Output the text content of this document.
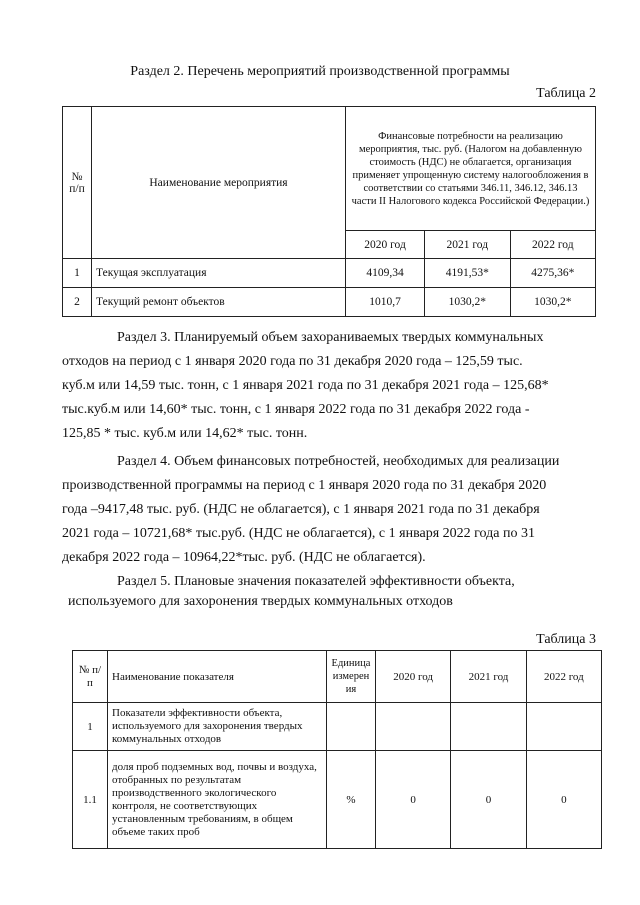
Раздел 2. Перечень мероприятий производственной программы
Таблица 2
№ п/п	Наименование мероприятия	Финансовые потребности на реализацию мероприятия, тыс. руб. (Налогом на добавленную стоимость (НДС) не облагается, организация применяет упрощенную систему налогообложения в соответствии со статьями 346.11, 346.12, 346.13 части II Налогового кодекса Российской Федерации.)		
		2020 год	2021 год	2022 год
1	Текущая эксплуатация	4109,34	4191,53*	4275,36*
2	Текущий ремонт объектов	1010,7	1030,2*	1030,2*
Раздел 3. Планируемый объем захораниваемых твердых коммунальных
отходов на период с 1 января 2020 года по 31 декабря 2020 года – 125,59 тыс.
куб.м или 14,59 тыс. тонн, с 1 января 2021 года по 31 декабря 2021 года – 125,68*
тыс.куб.м или 14,60* тыс. тонн, с 1 января 2022 года по 31 декабря 2022 года -
125,85 * тыс. куб.м или 14,62* тыс. тонн.
Раздел 4. Объем финансовых потребностей, необходимых для реализации
производственной программы на период с 1 января 2020 года по 31 декабря 2020
года –9417,48 тыс. руб. (НДС не облагается), с 1 января 2021 года по 31 декабря
2021 года – 10721,68* тыс.руб. (НДС не облагается), с 1 января 2022 года по 31
декабря 2022 года – 10964,22*тыс. руб. (НДС не облагается).
Раздел 5. Плановые значения показателей эффективности объекта,
используемого для захоронения твердых коммунальных отходов
Таблица 3
№ п/п	Наименование показателя	Единица измерения	2020 год	2021 год	2022 год
1	Показатели эффективности объекта, используемого для захоронения твердых коммунальных отходов				
1.1	доля проб подземных вод, почвы и воздуха, отобранных по результатам производственного экологического контроля, не соответствующих установленным требованиям, в общем объеме таких проб	%	0	0	0
